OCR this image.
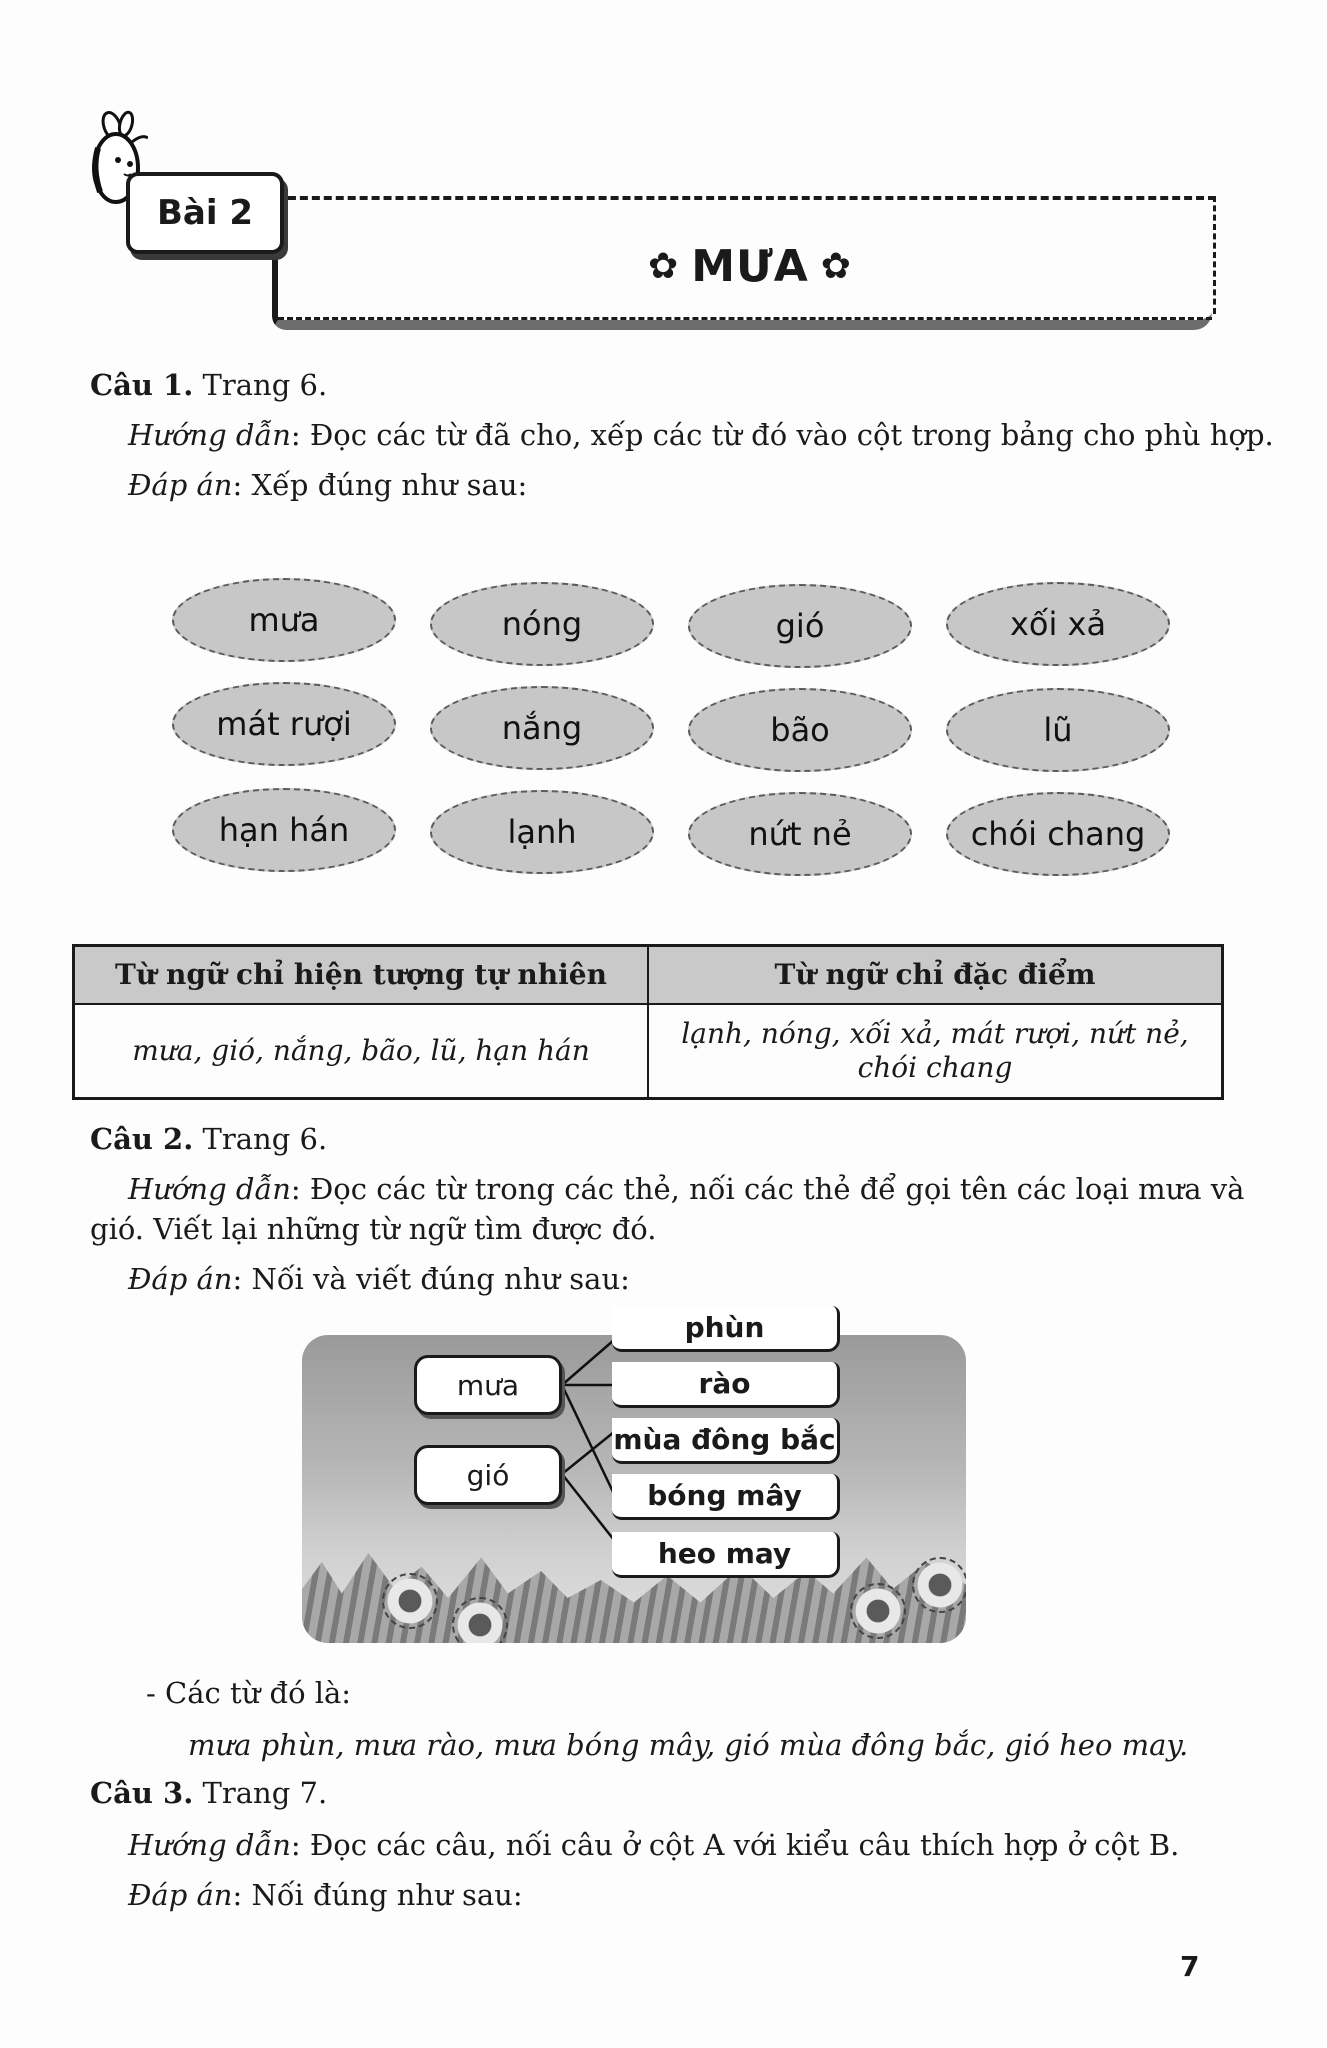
Bài 2
✿ MƯA ✿
Câu 1. Trang 6.
Hướng dẫn: Đọc các từ đã cho, xếp các từ đó vào cột trong bảng cho phù hợp.
Đáp án: Xếp đúng như sau:
mưa	nóng	gió	xối xả
mát rượi	nắng	bão	lũ
hạn hán	lạnh	nứt nẻ	chói chang
Từ ngữ chỉ hiện tượng tự nhiên	Từ ngữ chỉ đặc điểm
mưa, gió, nắng, bão, lũ, hạn hán	lạnh, nóng, xối xả, mát rượi, nứt nẻ, chói chang
Câu 2. Trang 6.
Hướng dẫn: Đọc các từ trong các thẻ, nối các thẻ để gọi tên các loại mưa và
gió. Viết lại những từ ngữ tìm được đó.
Đáp án: Nối và viết đúng như sau:
mưa
gió
phùn
rào
mùa đông bắc
bóng mây
heo may
- Các từ đó là:
mưa phùn, mưa rào, mưa bóng mây, gió mùa đông bắc, gió heo may.
Câu 3. Trang 7.
Hướng dẫn: Đọc các câu, nối câu ở cột A với kiểu câu thích hợp ở cột B.
Đáp án: Nối đúng như sau:
7
